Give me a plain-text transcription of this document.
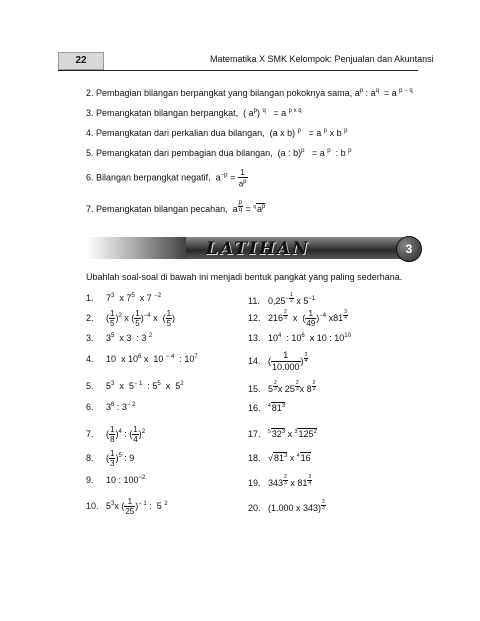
22	Matematika X SMK Kelompok: Penjualan dan Akuntansi
2. Pembagian bilangan berpangkat yang bilangan pokoknya sama, $a^p$ : $a^q = a$ $^{p - q}$
3. Pemangkatan bilangan berpangkat,  ( $a^p$) $^q$   = a $^{p x q}$
4. Pemangkatan dari perkalian dua bilangan,  (a x b) $^p$   = a $^p$ x b $^p$
5. Pemangkatan dari pembagian dua bilangan,  (a : b)$^p$   = a $^p$  : b $^p$
6. Bilangan berpangkat negatif,  $a^{-p} = \frac{1}{a^p}$
7. Pemangkatan bilangan pecahan,  a $^{\frac{p}{q}} = ^qa^p$
LATIHAN	3
Ubahlah soal-soal di bawah ini menjadi bentuk pangkat yang paling sederhana.
1. $7^3$  x $7^5$  x 7 $^{-2}$
2. ( $\frac{1}{5} )^2$ x ( $\frac{1}{5} )^{-4}$ x  ( $\frac{1}{5}$ )
3. $3^5$  x 3  : 3 $^2$
4. 10  x $10^6$ x  10 $^{- 4}$  : $10^7$
5. $5^3$  x  $5^{- 1}$  : $5^5$  x  $5^2$
6. $3^6$ : $3^{- 2}$
7. ( $\frac{1}{8} )^4$ : ( $\frac{1}{4} )^2$
8. ( $\frac{1}{3} )^5$ : 9
9. 10 : $100^{-2}$
10. $5^3x$ ( $\frac{1}{25} )^{- 1}$ :  5 $^2$
11. $0,25^{- \frac{1}{2}}$ x $5^{-1}$
12. 216 $^{\frac{2}{3}}$ x  ( $\frac{1}{49} )^{-4}$ x81 $^{\frac{3}{4}}$
13. $10^4$  : $10^6$  x 10 : $10^{10}$
14. ( $\frac{1}{10.000}$ ) $^{\frac{3}{4}}$
15. 5 $^{\frac{2}{3}}$ x 25 $^{\frac{2}{3}}$ x 8 $^{\frac{2}{3}}$
16. $^481^3$
17. $^532^3$ x $^3125^2$
18. $√81^3$ x $^4$16
19. 343 $^{\frac{2}{3}}$ x 81 $^{\frac{3}{4}}$
20. (1.000 x 343) $^{\frac{2}{3}}$
